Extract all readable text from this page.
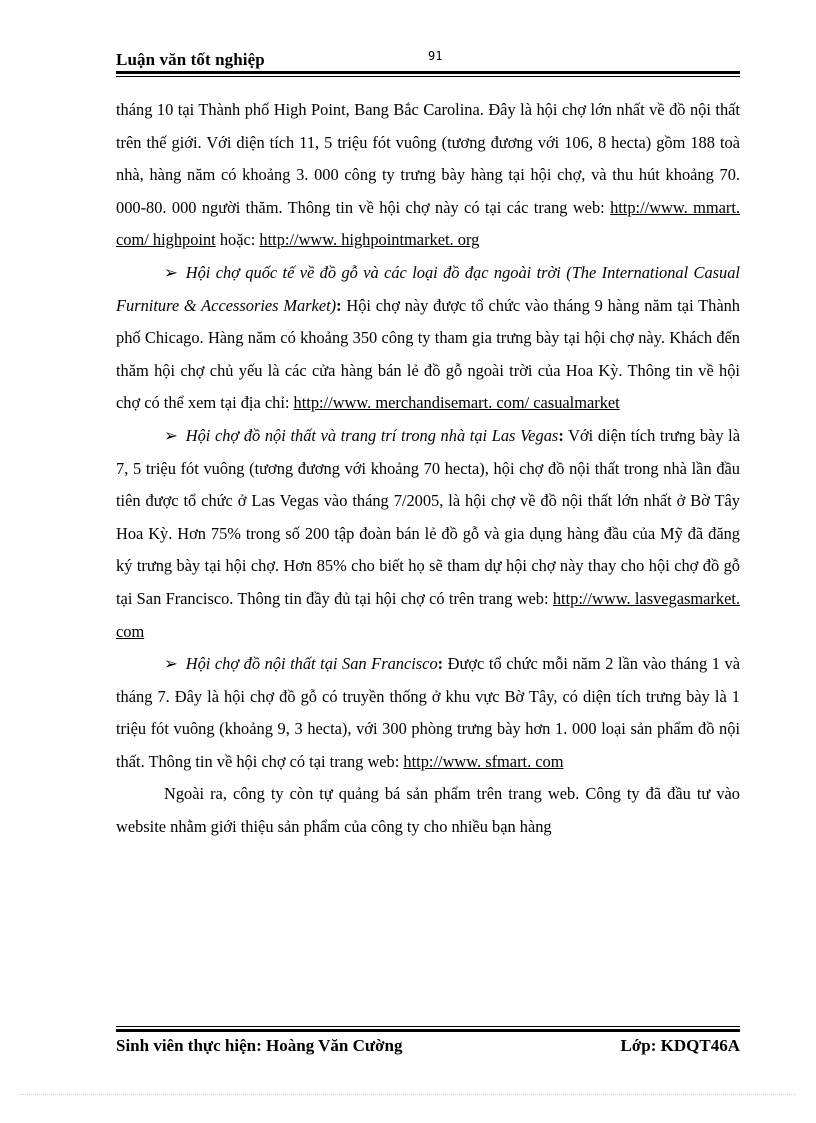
Luận văn tốt nghiệp	91

tháng 10 tại Thành phố High Point, Bang Bắc Carolina. Đây là hội chợ lớn nhất về đồ nội thất trên thế giới. Với diện tích 11, 5 triệu fót vuông (tương đương với 106, 8 hecta) gồm 188 toà nhà, hàng năm có khoảng 3. 000 công ty trưng bày hàng tại hội chợ, và thu hút khoảng 70. 000-80. 000 người thăm. Thông tin về hội chợ này có tại các trang web: http://www. mmart. com/ highpoint hoặc: http://www. highpointmarket. org

➢ Hội chợ quốc tế về đồ gỗ và các loại đồ đạc ngoài trời (The International Casual Furniture & Accessories Market): Hội chợ này được tổ chức vào tháng 9 hàng năm tại Thành phố Chicago. Hàng năm có khoảng 350 công ty tham gia trưng bày tại hội chợ này. Khách đến thăm hội chợ chủ yếu là các cửa hàng bán lẻ đồ gỗ ngoài trời của Hoa Kỳ. Thông tin về hội chợ có thể xem tại địa chỉ: http://www. merchandisemart. com/ casualmarket

➢ Hội chợ đồ nội thất và trang trí trong nhà tại Las Vegas: Với diện tích trưng bày là 7, 5 triệu fót vuông (tương đương với khoảng 70 hecta), hội chợ đồ nội thất trong nhà lần đầu tiên được tổ chức ở Las Vegas vào tháng 7/2005, là hội chợ về đồ nội thất lớn nhất ở Bờ Tây Hoa Kỳ. Hơn 75% trong số 200 tập đoàn bán lẻ đồ gỗ và gia dụng hàng đầu của Mỹ đã đăng ký trưng bày tại hội chợ. Hơn 85% cho biết họ sẽ tham dự hội chợ này thay cho hội chợ đồ gỗ tại San Francisco. Thông tin đầy đủ tại hội chợ có trên trang web: http://www. lasvegasmarket. com

➢ Hội chợ đồ nội thất tại San Francisco: Được tổ chức mỗi năm 2 lần vào tháng 1 và tháng 7. Đây là hội chợ đồ gỗ có truyền thống ở khu vực Bờ Tây, có diện tích trưng bày là 1 triệu fót vuông (khoảng 9, 3 hecta), với 300 phòng trưng bày hơn 1. 000 loại sản phẩm đồ nội thất. Thông tin về hội chợ có tại trang web: http://www. sfmart. com

Ngoài ra, công ty còn tự quảng bá sản phẩm trên trang web. Công ty đã đầu tư vào website nhằm giới thiệu sản phẩm của công ty cho nhiều bạn hàng

Sinh viên thực hiện: Hoàng Văn Cường	Lớp: KDQT46A
